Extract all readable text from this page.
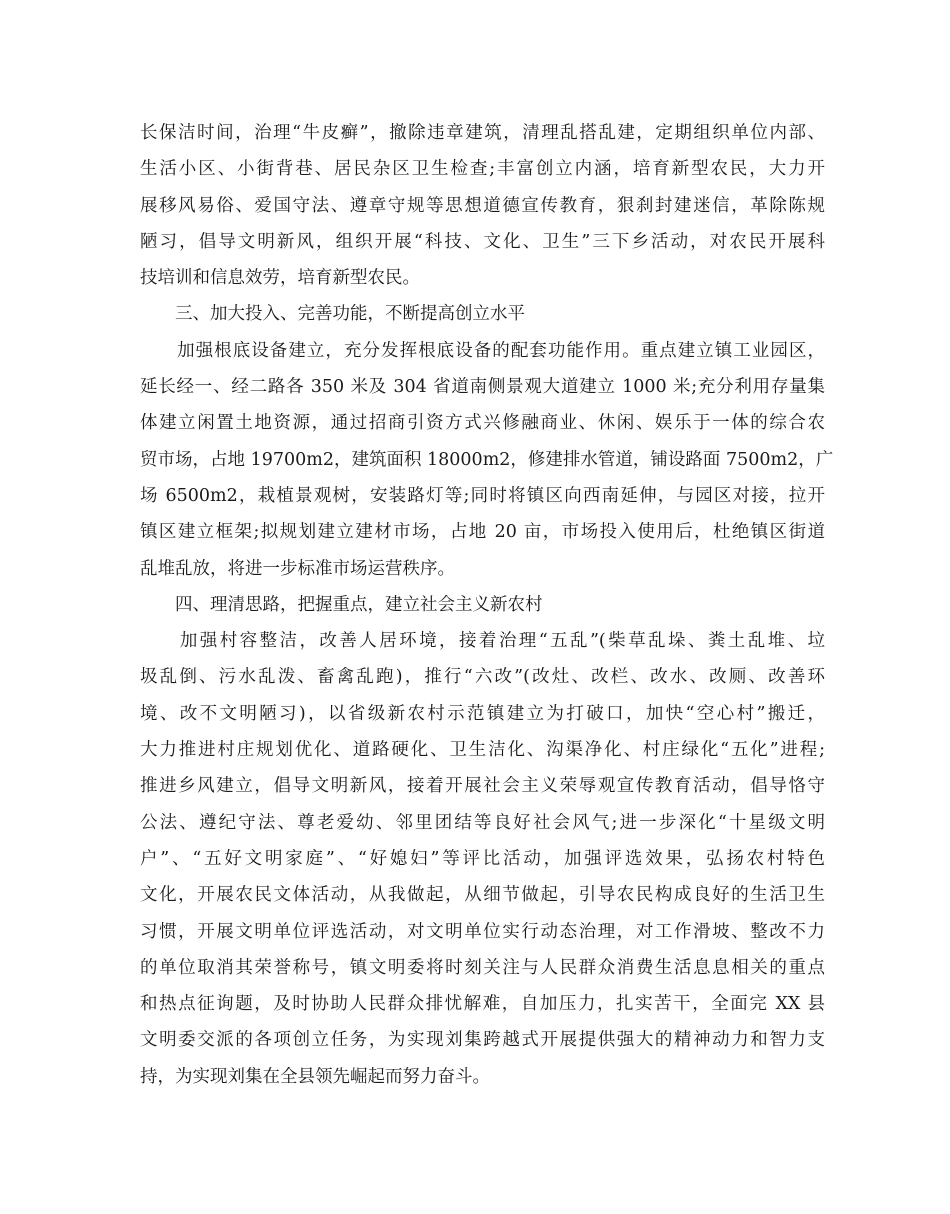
长保洁时间，治理“牛皮癣”，撤除违章建筑，清理乱搭乱建，定期组织单位内部、
生活小区、小街背巷、居民杂区卫生检查;丰富创立内涵，培育新型农民，大力开
展移风易俗、爱国守法、遵章守规等思想道德宣传教育，狠刹封建迷信，革除陈规
陋习，倡导文明新风，组织开展“科技、文化、卫生”三下乡活动，对农民开展科
技培训和信息效劳，培育新型农民。
　　三、加大投入、完善功能，不断提高创立水平
　　加强根底设备建立，充分发挥根底设备的配套功能作用。重点建立镇工业园区，
延长经一、经二路各 350 米及 304 省道南侧景观大道建立 1000 米;充分利用存量集
体建立闲置土地资源，通过招商引资方式兴修融商业、休闲、娱乐于一体的综合农
贸市场，占地 19700m2，建筑面积 18000m2，修建排水管道，铺设路面 7500m2，广
场 6500m2，栽植景观树，安装路灯等;同时将镇区向西南延伸，与园区对接，拉开
镇区建立框架;拟规划建立建材市场，占地 20 亩，市场投入使用后，杜绝镇区街道
乱堆乱放，将进一步标准市场运营秩序。
　　四、理清思路，把握重点，建立社会主义新农村
　　加强村容整洁，改善人居环境，接着治理“五乱”(柴草乱垛、粪土乱堆、垃
圾乱倒、污水乱泼、畜禽乱跑)，推行“六改”(改灶、改栏、改水、改厕、改善环
境、改不文明陋习)，以省级新农村示范镇建立为打破口，加快“空心村”搬迁，
大力推进村庄规划优化、道路硬化、卫生洁化、沟渠净化、村庄绿化“五化”进程;
推进乡风建立，倡导文明新风，接着开展社会主义荣辱观宣传教育活动，倡导恪守
公法、遵纪守法、尊老爱幼、邻里团结等良好社会风气;进一步深化“十星级文明
户”、“五好文明家庭”、“好媳妇”等评比活动，加强评选效果，弘扬农村特色
文化，开展农民文体活动，从我做起，从细节做起，引导农民构成良好的生活卫生
习惯，开展文明单位评选活动，对文明单位实行动态治理，对工作滑坡、整改不力
的单位取消其荣誉称号，镇文明委将时刻关注与人民群众消费生活息息相关的重点
和热点征询题，及时协助人民群众排忧解难，自加压力，扎实苦干，全面完 XX 县
文明委交派的各项创立任务，为实现刘集跨越式开展提供强大的精神动力和智力支
持，为实现刘集在全县领先崛起而努力奋斗。
